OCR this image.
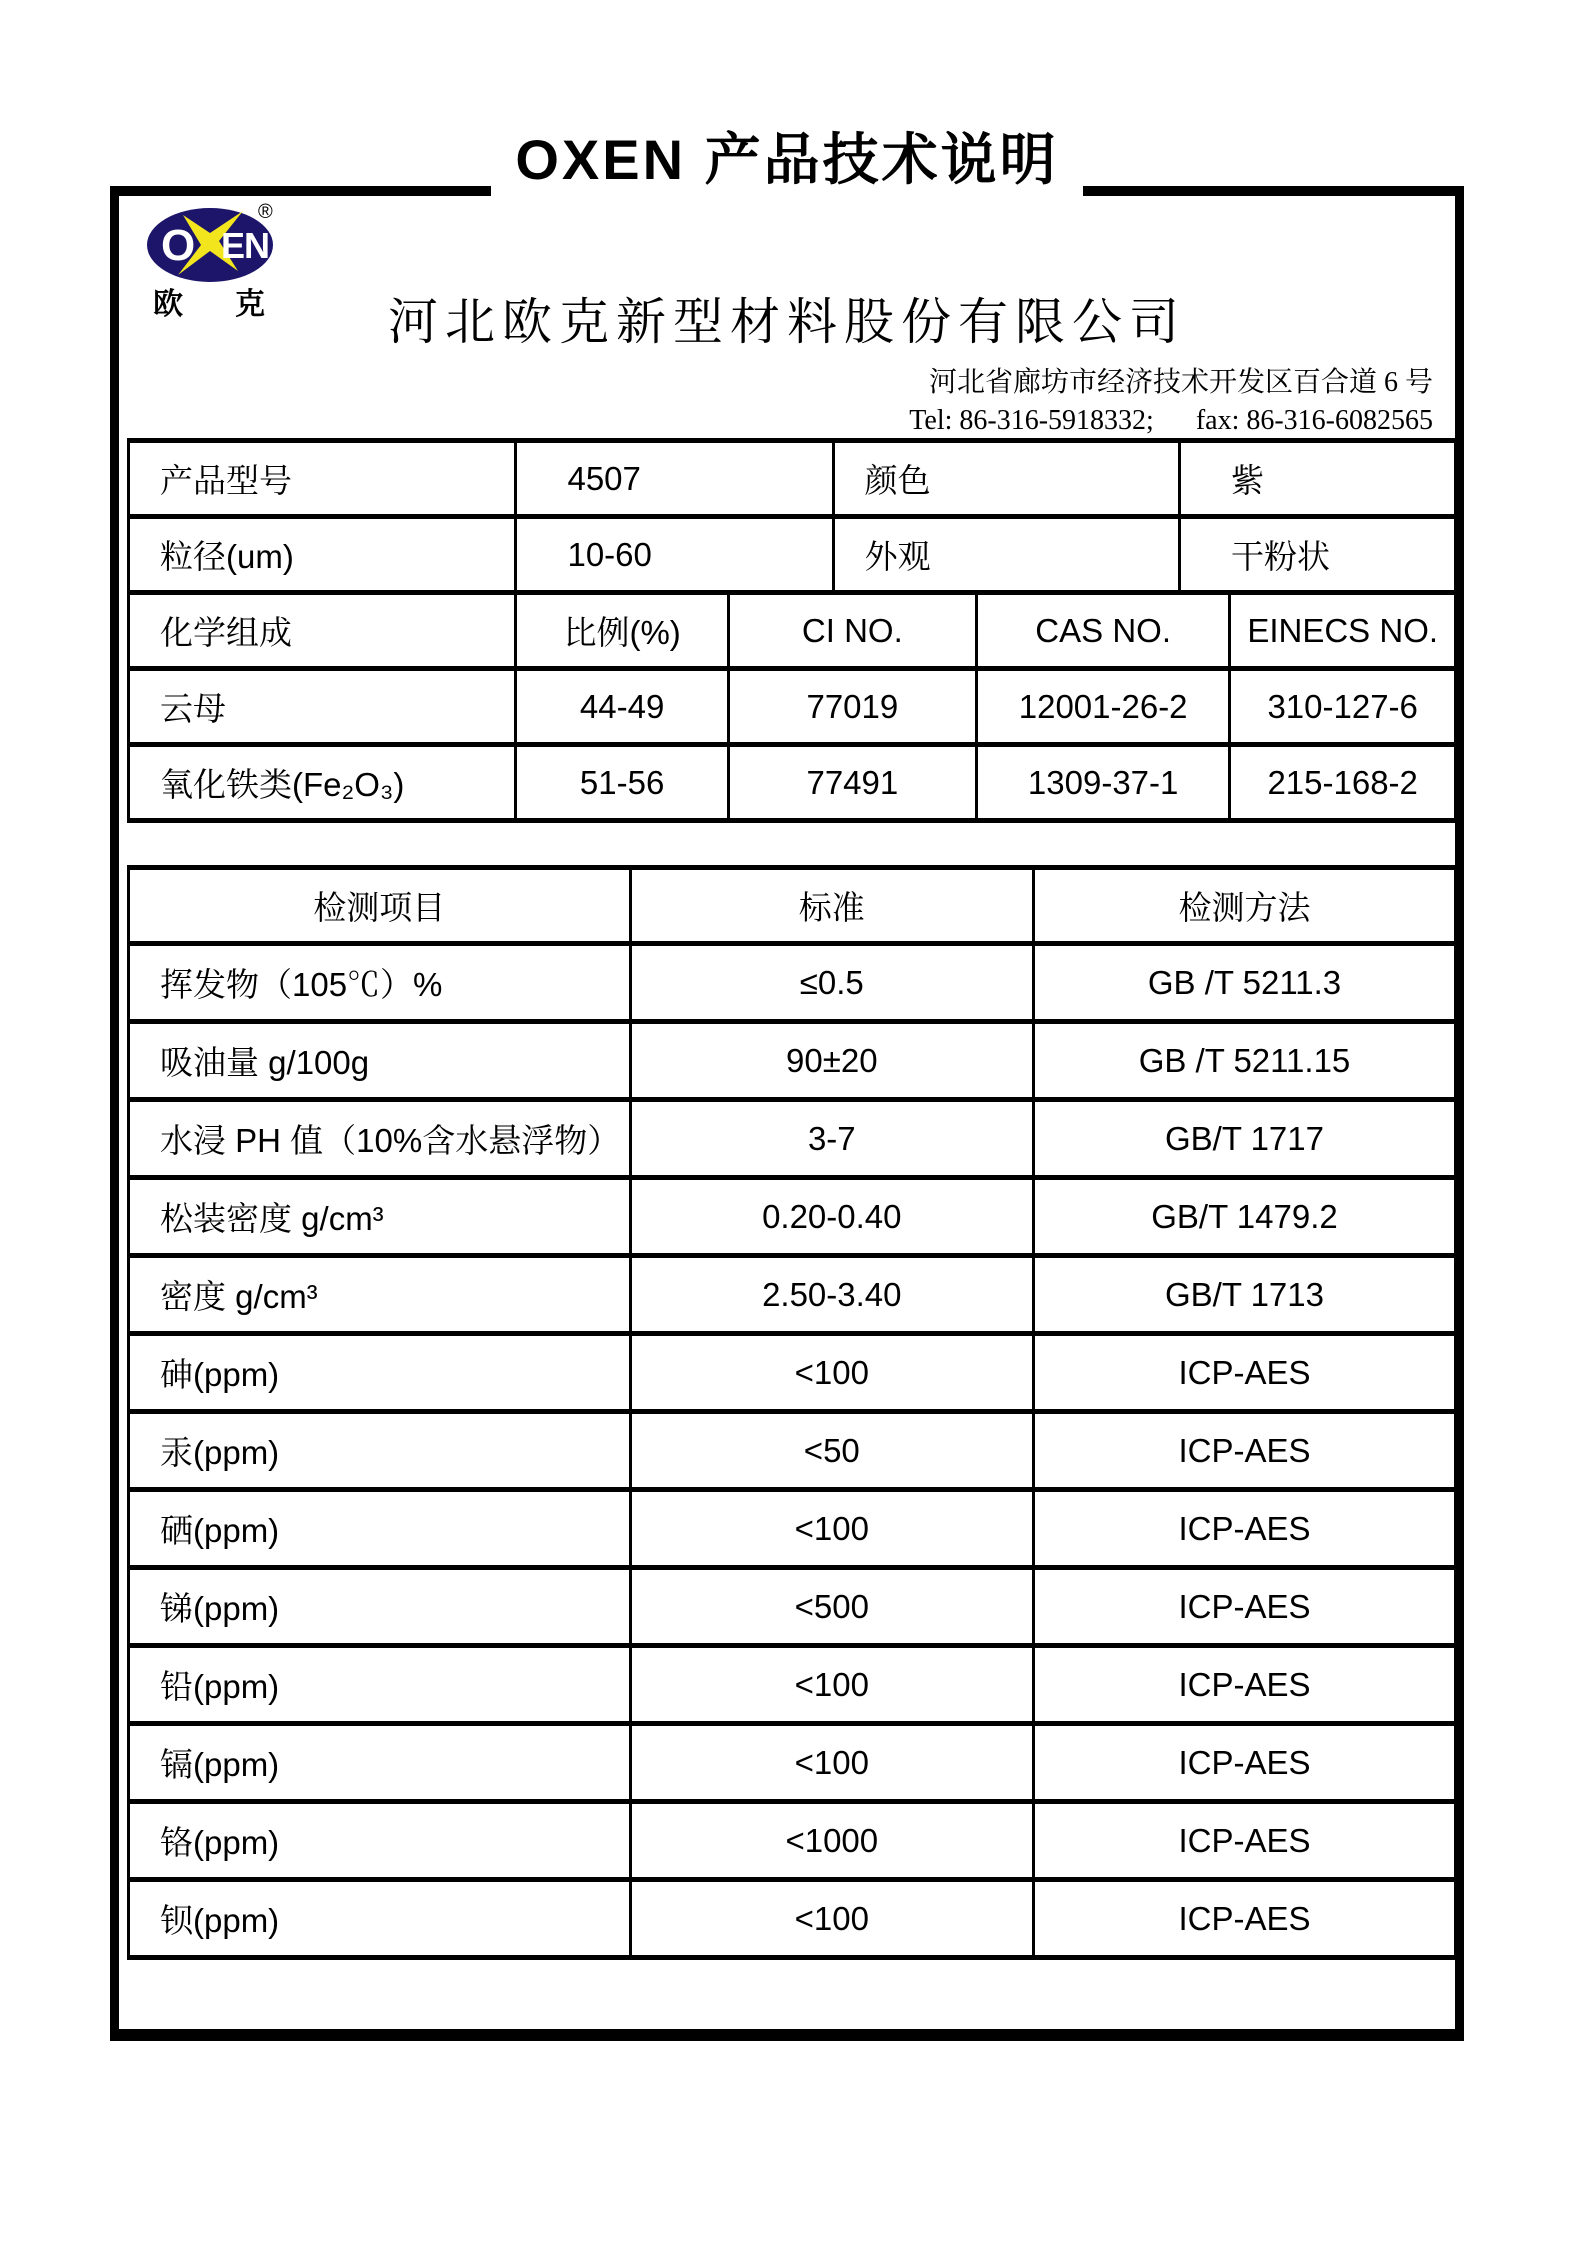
OXEN 产品技术说明
O EN
®
欧 克	河北欧克新型材料股份有限公司
河北省廊坊市经济技术开发区百合道 6 号
Tel: 86-316-5918332;      fax: 86-316-6082565
产品型号	4507	颜色	紫
粒径(um)	10-60	外观	干粉状
化学组成	比例(%)	CI NO.	CAS NO.	EINECS NO.
云母	44-49	77019	12001-26-2	310-127-6
氧化铁类(Fe₂O₃)	51-56	77491	1309-37-1	215-168-2
检测项目	标准	检测方法
挥发物（105℃）%	≤0.5	GB /T 5211.3
吸油量 g/100g	90±20	GB /T 5211.15
水浸 PH 值（10%含水悬浮物）	3-7	GB/T 1717
松装密度 g/cm³	0.20-0.40	GB/T 1479.2
密度 g/cm³	2.50-3.40	GB/T 1713
砷(ppm)	<100	ICP-AES
汞(ppm)	<50	ICP-AES
硒(ppm)	<100	ICP-AES
锑(ppm)	<500	ICP-AES
铅(ppm)	<100	ICP-AES
镉(ppm)	<100	ICP-AES
铬(ppm)	<1000	ICP-AES
钡(ppm)	<100	ICP-AES
